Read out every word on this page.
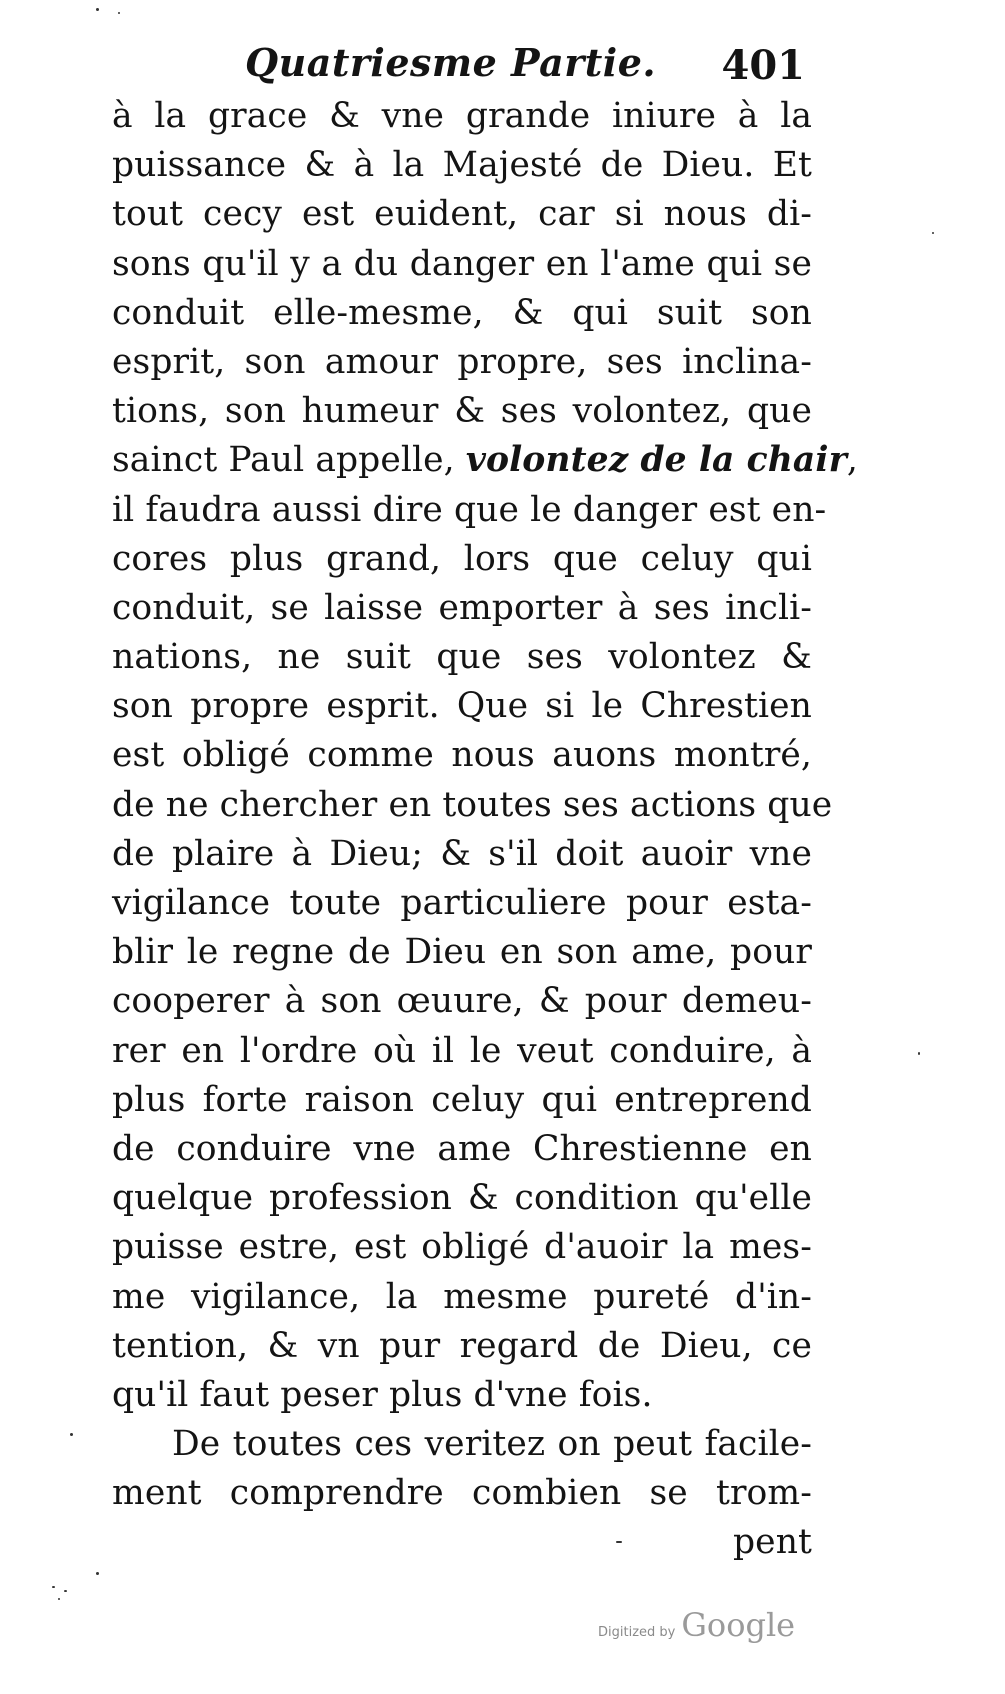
Quatriesme Partie. 401
à la grace & vne grande iniure à la
puissance & à la Majesté de Dieu. Et
tout cecy est euident, car si nous di-
sons qu'il y a du danger en l'ame qui se
conduit elle-mesme, & qui suit son
esprit, son amour propre, ses inclina-
tions, son humeur & ses volontez, que
sainct Paul appelle, volontez de la chair,
il faudra aussi dire que le danger est en-
cores plus grand, lors que celuy qui
conduit, se laisse emporter à ses incli-
nations, ne suit que ses volontez &
son propre esprit. Que si le Chrestien
est obligé comme nous auons montré,
de ne chercher en toutes ses actions que
de plaire à Dieu; & s'il doit auoir vne
vigilance toute particuliere pour esta-
blir le regne de Dieu en son ame, pour
cooperer à son œuure, & pour demeu-
rer en l'ordre où il le veut conduire, à
plus forte raison celuy qui entreprend
de conduire vne ame Chrestienne en
quelque profession & condition qu'elle
puisse estre, est obligé d'auoir la mes-
me vigilance, la mesme pureté d'in-
tention, & vn pur regard de Dieu, ce
qu'il faut peser plus d'vne fois.
De toutes ces veritez on peut facile-
ment comprendre combien se trom-
pent
Digitized by Google
